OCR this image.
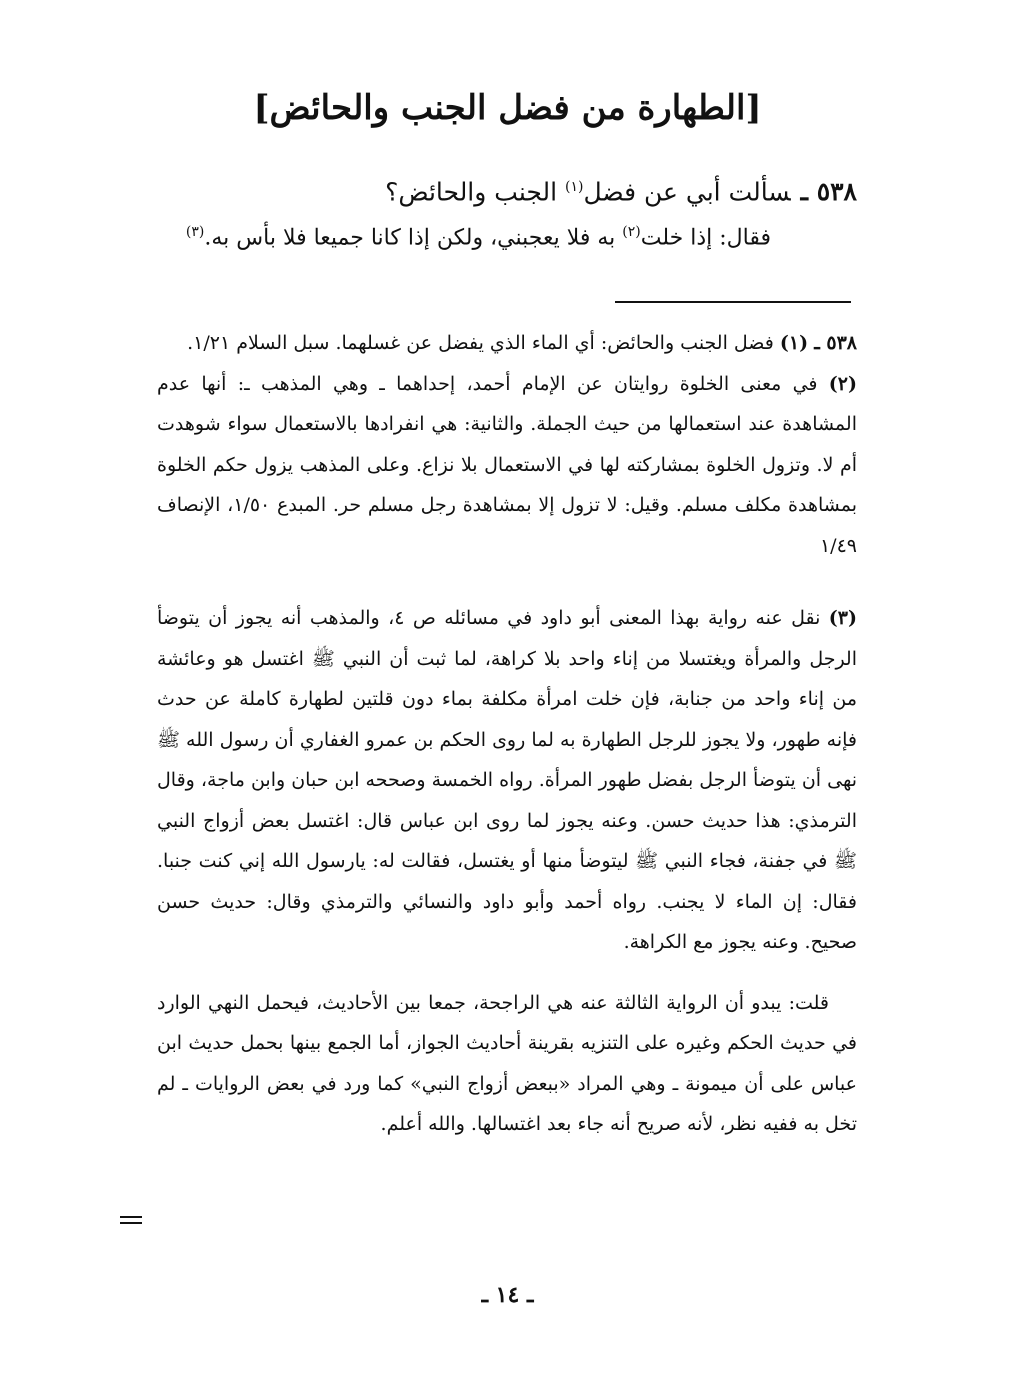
[الطهارة من فضل الجنب والحائض]
٥٣٨ ـسألت أبي عن فضل$^{(١)}$ الجنب والحائض؟
فقال: إذا خلت$^{(٢)}$ به فلا يعجبني، ولكن إذا كانا جميعا فلا بأس به.$^{(٣)}$

٥٣٨ ـ (١) فضل الجنب والحائض: أي الماء الذي يفضل عن غسلهما. سبل السلام ١/٢١.

(٢) في معنى الخلوة روايتان عن الإمام أحمد، إحداهما ـ وهي المذهب ـ: أنها عدم المشاهدة عند استعمالها من حيث الجملة. والثانية: هي انفرادها بالاستعمال سواء شوهدت أم لا. وتزول الخلوة بمشاركته لها في الاستعمال بلا نزاع. وعلى المذهب يزول حكم الخلوة بمشاهدة مكلف مسلم. وقيل: لا تزول إلا بمشاهدة رجل مسلم حر. المبدع ١/٥٠، الإنصاف ١/٤٩

(٣) نقل عنه رواية بهذا المعنى أبو داود في مسائله ص ٤، والمذهب أنه يجوز أن يتوضأ الرجل والمرأة ويغتسلا من إناء واحد بلا كراهة، لما ثبت أن النبي ﷺ اغتسل هو وعائشة من إناء واحد من جنابة، فإن خلت امرأة مكلفة بماء دون قلتين لطهارة كاملة عن حدث فإنه طهور، ولا يجوز للرجل الطهارة به لما روى الحكم بن عمرو الغفاري أن رسول الله ﷺ نهى أن يتوضأ الرجل بفضل طهور المرأة. رواه الخمسة وصححه ابن حبان وابن ماجة، وقال الترمذي: هذا حديث حسن. وعنه يجوز لما روى ابن عباس قال: اغتسل بعض أزواج النبي ﷺ في جفنة، فجاء النبي ﷺ ليتوضأ منها أو يغتسل، فقالت له: يارسول الله إني كنت جنبا. فقال: إن الماء لا يجنب. رواه أحمد وأبو داود والنسائي والترمذي وقال: حديث حسن صحيح. وعنه يجوز مع الكراهة.

قلت: يبدو أن الرواية الثالثة عنه هي الراجحة، جمعا بين الأحاديث، فيحمل النهي الوارد في حديث الحكم وغيره على التنزيه بقرينة أحاديث الجواز، أما الجمع بينها بحمل حديث ابن عباس على أن ميمونة ـ وهي المراد «ببعض أزواج النبي» كما ورد في بعض الروايات ـ لم تخل به ففيه نظر، لأنه صريح أنه جاء بعد اغتسالها. والله أعلم.

ـ ١٤ ـ
